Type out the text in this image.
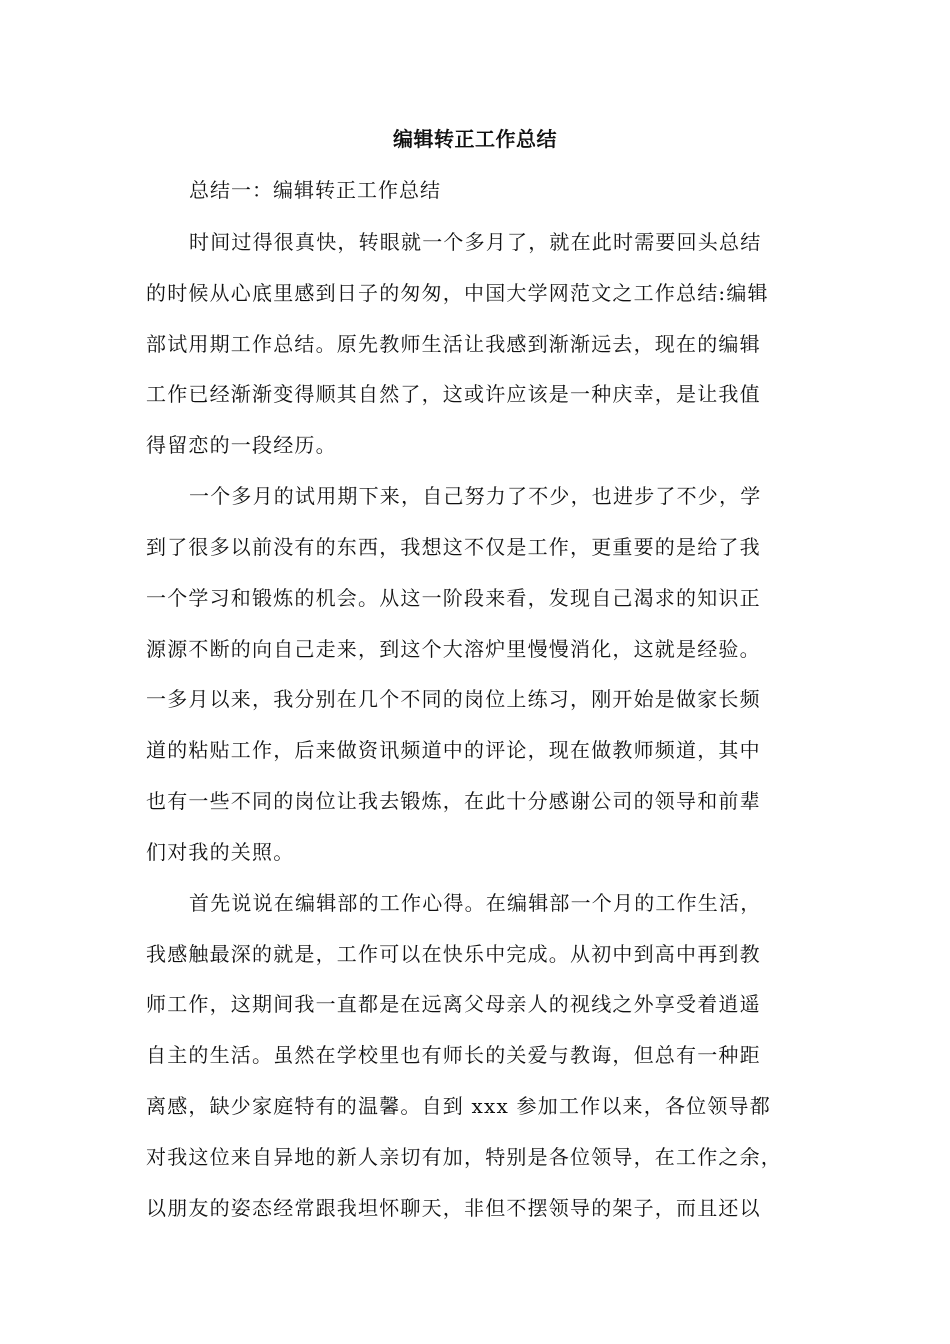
编辑转正工作总结
总结一：编辑转正工作总结
时间过得很真快，转眼就一个多月了，就在此时需要回头总结
的时候从心底里感到日子的匆匆，中国大学网范文之工作总结:编辑
部试用期工作总结。原先教师生活让我感到渐渐远去，现在的编辑
工作已经渐渐变得顺其自然了，这或许应该是一种庆幸，是让我值
得留恋的一段经历。
一个多月的试用期下来，自己努力了不少，也进步了不少，学
到了很多以前没有的东西，我想这不仅是工作，更重要的是给了我
一个学习和锻炼的机会。从这一阶段来看，发现自己渴求的知识正
源源不断的向自己走来，到这个大溶炉里慢慢消化，这就是经验。
一多月以来，我分别在几个不同的岗位上练习，刚开始是做家长频
道的粘贴工作，后来做资讯频道中的评论，现在做教师频道，其中
也有一些不同的岗位让我去锻炼，在此十分感谢公司的领导和前辈
们对我的关照。
首先说说在编辑部的工作心得。在编辑部一个月的工作生活，
我感触最深的就是，工作可以在快乐中完成。从初中到高中再到教
师工作，这期间我一直都是在远离父母亲人的视线之外享受着逍遥
自主的生活。虽然在学校里也有师长的关爱与教诲，但总有一种距
离感，缺少家庭特有的温馨。自到 xxx 参加工作以来，各位领导都
对我这位来自异地的新人亲切有加，特别是各位领导，在工作之余，
以朋友的姿态经常跟我坦怀聊天，非但不摆领导的架子，而且还以
